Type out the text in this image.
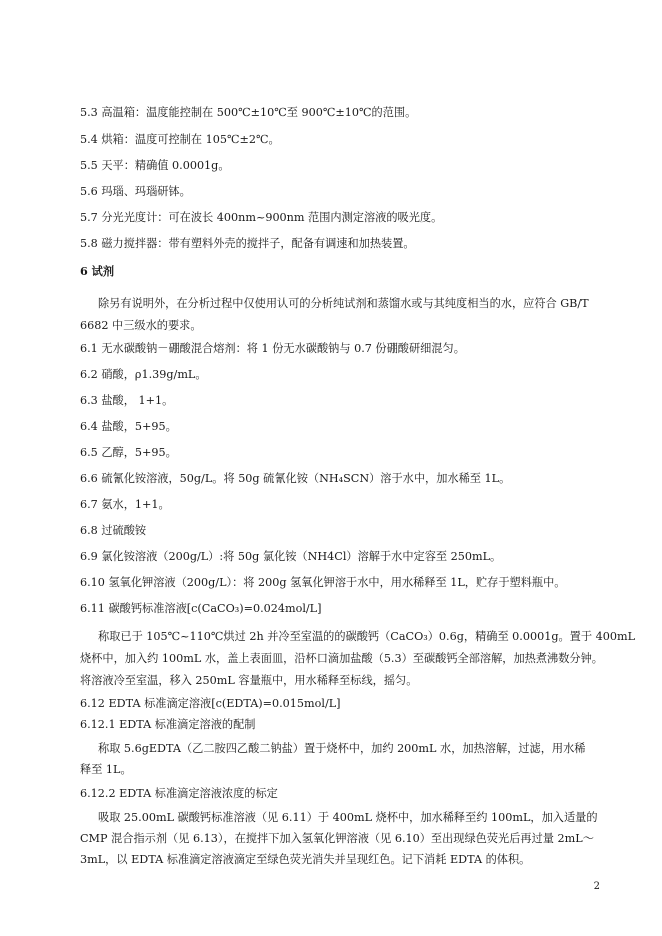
5.3 高温箱：温度能控制在 500℃±10℃至 900℃±10℃的范围。
5.4 烘箱：温度可控制在 105℃±2℃。
5.5 天平：精确值 0.0001g。
5.6 玛瑙、玛瑙研钵。
5.7 分光光度计：可在波长 400nm~900nm 范围内测定溶液的吸光度。
5.8 磁力搅拌器：带有塑料外壳的搅拌子，配备有调速和加热装置。
6 试剂
除另有说明外，在分析过程中仅使用认可的分析纯试剂和蒸馏水或与其纯度相当的水，应符合 GB/T
6682 中三级水的要求。
6.1 无水碳酸钠－硼酸混合熔剂：将 1 份无水碳酸钠与 0.7 份硼酸研细混匀。
6.2 硝酸，ρ1.39g/mL。
6.3 盐酸， 1+1。
6.4 盐酸，5+95。
6.5 乙醇，5+95。
6.6 硫氰化铵溶液，50g/L。将 50g 硫氰化铵（NH₄SCN）溶于水中，加水稀至 1L。
6.7 氨水，1+1。
6.8 过硫酸铵
6.9 氯化铵溶液（200g/L）:将 50g 氯化铵（NH4Cl）溶解于水中定容至 250mL。
6.10 氢氧化钾溶液（200g/L）：将 200g 氢氧化钾溶于水中，用水稀释至 1L，贮存于塑料瓶中。
6.11 碳酸钙标准溶液[c(CaCO₃)=0.024mol/L]
称取已于 105℃~110℃烘过 2h 并冷至室温的的碳酸钙（CaCO₃）0.6g，精确至 0.0001g。置于 400mL
烧杯中，加入约 100mL 水，盖上表面皿，沿杯口滴加盐酸（5.3）至碳酸钙全部溶解，加热煮沸数分钟。
将溶液冷至室温，移入 250mL 容量瓶中，用水稀释至标线，摇匀。
6.12 EDTA 标准滴定溶液[c(EDTA)=0.015mol/L]
6.12.1 EDTA 标准滴定溶液的配制
称取 5.6gEDTA（乙二胺四乙酸二钠盐）置于烧杯中，加约 200mL 水，加热溶解，过滤，用水稀
释至 1L。
6.12.2 EDTA 标准滴定溶液浓度的标定
吸取 25.00mL 碳酸钙标准溶液（见 6.11）于 400mL 烧杯中，加水稀释至约 100mL，加入适量的
CMP 混合指示剂（见 6.13），在搅拌下加入氢氧化钾溶液（见 6.10）至出现绿色荧光后再过量 2mL～
3mL，以 EDTA 标准滴定溶液滴定至绿色荧光消失并呈现红色。记下消耗 EDTA 的体积。
2
